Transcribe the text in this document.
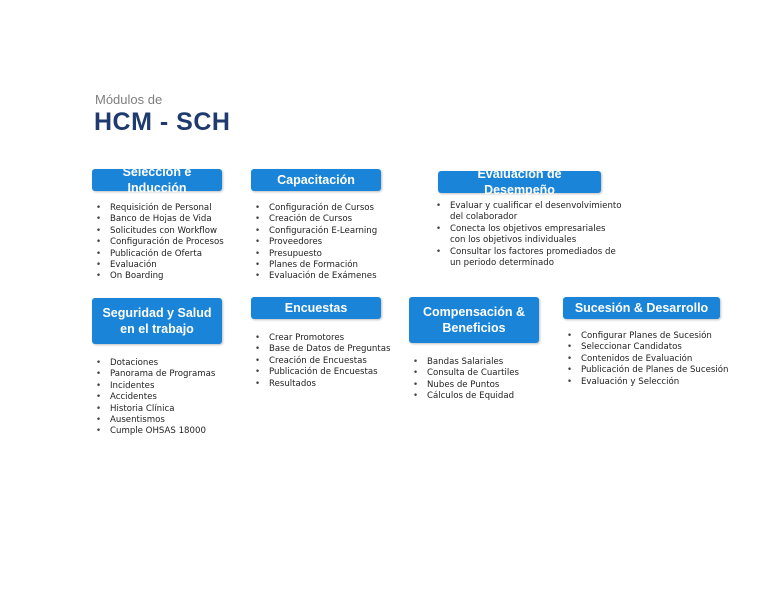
Módulos de
HCM - SCH
Selección e Inducción
• Requisición de Personal
• Banco de Hojas de Vida
• Solicitudes con Workflow
• Configuración de Procesos
• Publicación de Oferta
• Evaluación
• On Boarding
Capacitación
• Configuración de Cursos
• Creación de Cursos
• Configuración E-Learning
• Proveedores
• Presupuesto
• Planes de Formación
• Evaluación de Exámenes
Evaluación de Desempeño
• Evaluar y cualificar el desenvolvimiento del colaborador
• Conecta los objetivos empresariales con los objetivos individuales
• Consultar los factores promediados de un periodo determinado
Seguridad y Salud en el trabajo
• Dotaciones
• Panorama de Programas
• Incidentes
• Accidentes
• Historia Clínica
• Ausentismos
• Cumple OHSAS 18000
Encuestas
• Crear Promotores
• Base de Datos de Preguntas
• Creación de Encuestas
• Publicación de Encuestas
• Resultados
Compensación & Beneficios
• Bandas Salariales
• Consulta de Cuartiles
• Nubes de Puntos
• Cálculos de Equidad
Sucesión & Desarrollo
• Configurar Planes de Sucesión
• Seleccionar Candidatos
• Contenidos de Evaluación
• Publicación de Planes de Sucesión
• Evaluación y Selección
